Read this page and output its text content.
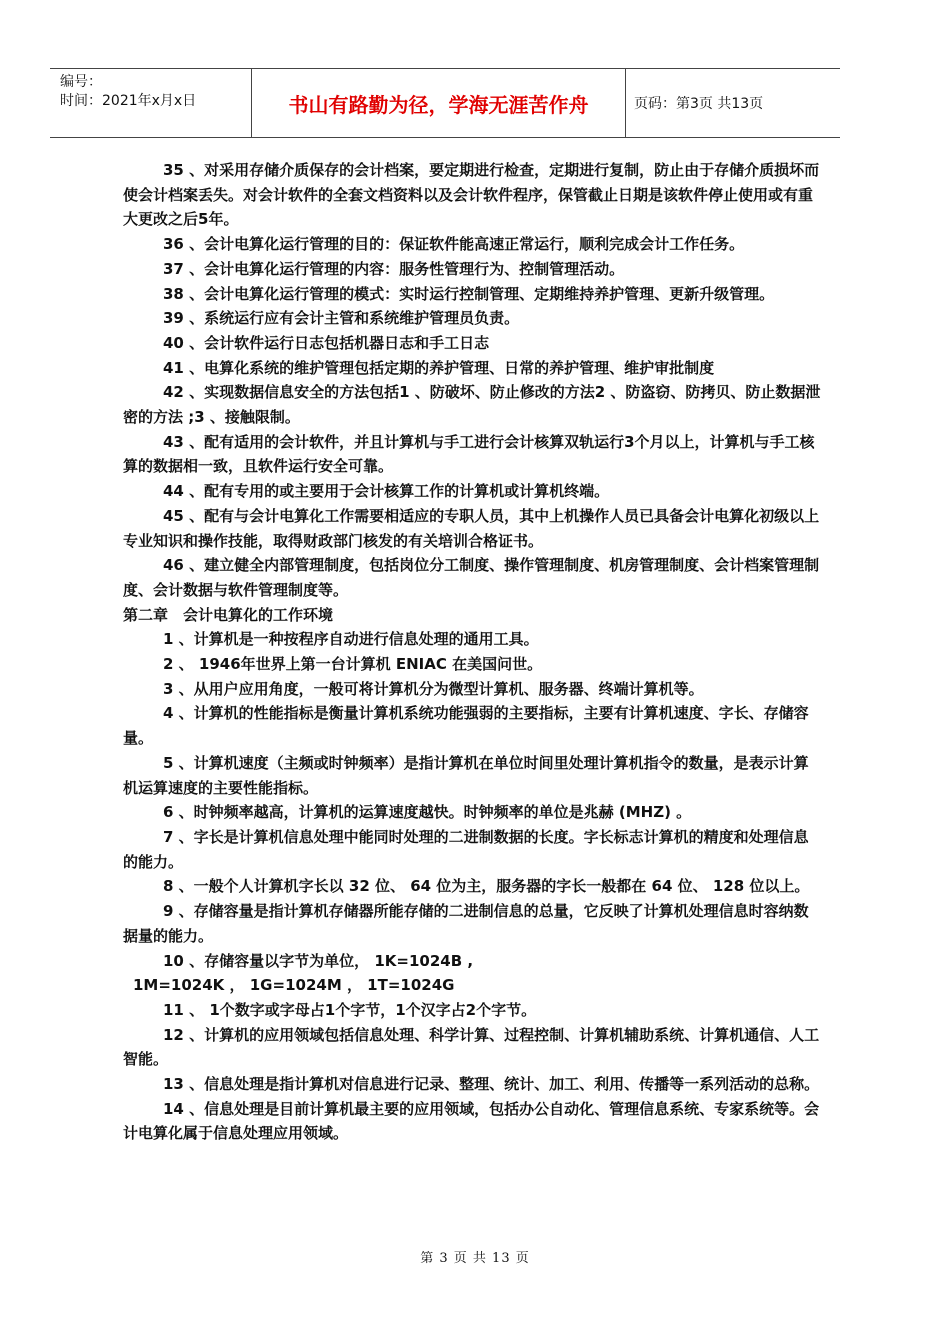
编号：
时间：2021年x月x日	书山有路勤为径，学海无涯苦作舟	页码：第3页 共13页

35 、对采用存储介质保存的会计档案，要定期进行检查，定期进行复制，防止由于存储介质损坏而使会计档案丢失。对会计软件的全套文档资料以及会计软件程序，保管截止日期是该软件停止使用或有重大更改之后5年。

36 、会计电算化运行管理的目的：保证软件能高速正常运行，顺利完成会计工作任务。

37 、会计电算化运行管理的内容：服务性管理行为、控制管理活动。

38 、会计电算化运行管理的模式：实时运行控制管理、定期维持养护管理、更新升级管理。

39 、系统运行应有会计主管和系统维护管理员负责。

40 、会计软件运行日志包括机器日志和手工日志

41 、电算化系统的维护管理包括定期的养护管理、日常的养护管理、维护审批制度

42 、实现数据信息安全的方法包括1 、防破坏、防止修改的方法2 、防盗窃、防拷贝、防止数据泄密的方法 ;3 、接触限制。

43 、配有适用的会计软件，并且计算机与手工进行会计核算双轨运行3个月以上，计算机与手工核算的数据相一致，且软件运行安全可靠。

44 、配有专用的或主要用于会计核算工作的计算机或计算机终端。

45 、配有与会计电算化工作需要相适应的专职人员，其中上机操作人员已具备会计电算化初级以上专业知识和操作技能，取得财政部门核发的有关培训合格证书。

46 、建立健全内部管理制度，包括岗位分工制度、操作管理制度、机房管理制度、会计档案管理制度、会计数据与软件管理制度等。

第二章　会计电算化的工作环境

1 、计算机是一种按程序自动进行信息处理的通用工具。

2 、 1946年世界上第一台计算机 ENIAC 在美国问世。

3 、从用户应用角度，一般可将计算机分为微型计算机、服务器、终端计算机等。

4 、计算机的性能指标是衡量计算机系统功能强弱的主要指标，主要有计算机速度、字长、存储容量。

5 、计算机速度（主频或时钟频率）是指计算机在单位时间里处理计算机指令的数量，是表示计算机运算速度的主要性能指标。

6 、时钟频率越高，计算机的运算速度越快。时钟频率的单位是兆赫 (MHZ) 。

7 、字长是计算机信息处理中能同时处理的二进制数据的长度。字长标志计算机的精度和处理信息的能力。

8 、一般个人计算机字长以 32 位、 64 位为主，服务器的字长一般都在 64 位、 128 位以上。

9 、存储容量是指计算机存储器所能存储的二进制信息的总量，它反映了计算机处理信息时容纳数据量的能力。

10 、存储容量以字节为单位， 1K=1024B ,

1M=1024K ， 1G=1024M ， 1T=1024G

11 、 1个数字或字母占1个字节，1个汉字占2个字节。

12 、计算机的应用领域包括信息处理、科学计算、过程控制、计算机辅助系统、计算机通信、人工智能。

13 、信息处理是指计算机对信息进行记录、整理、统计、加工、利用、传播等一系列活动的总称。

14 、信息处理是目前计算机最主要的应用领域，包括办公自动化、管理信息系统、专家系统等。会计电算化属于信息处理应用领域。

第 3 页 共 13 页
